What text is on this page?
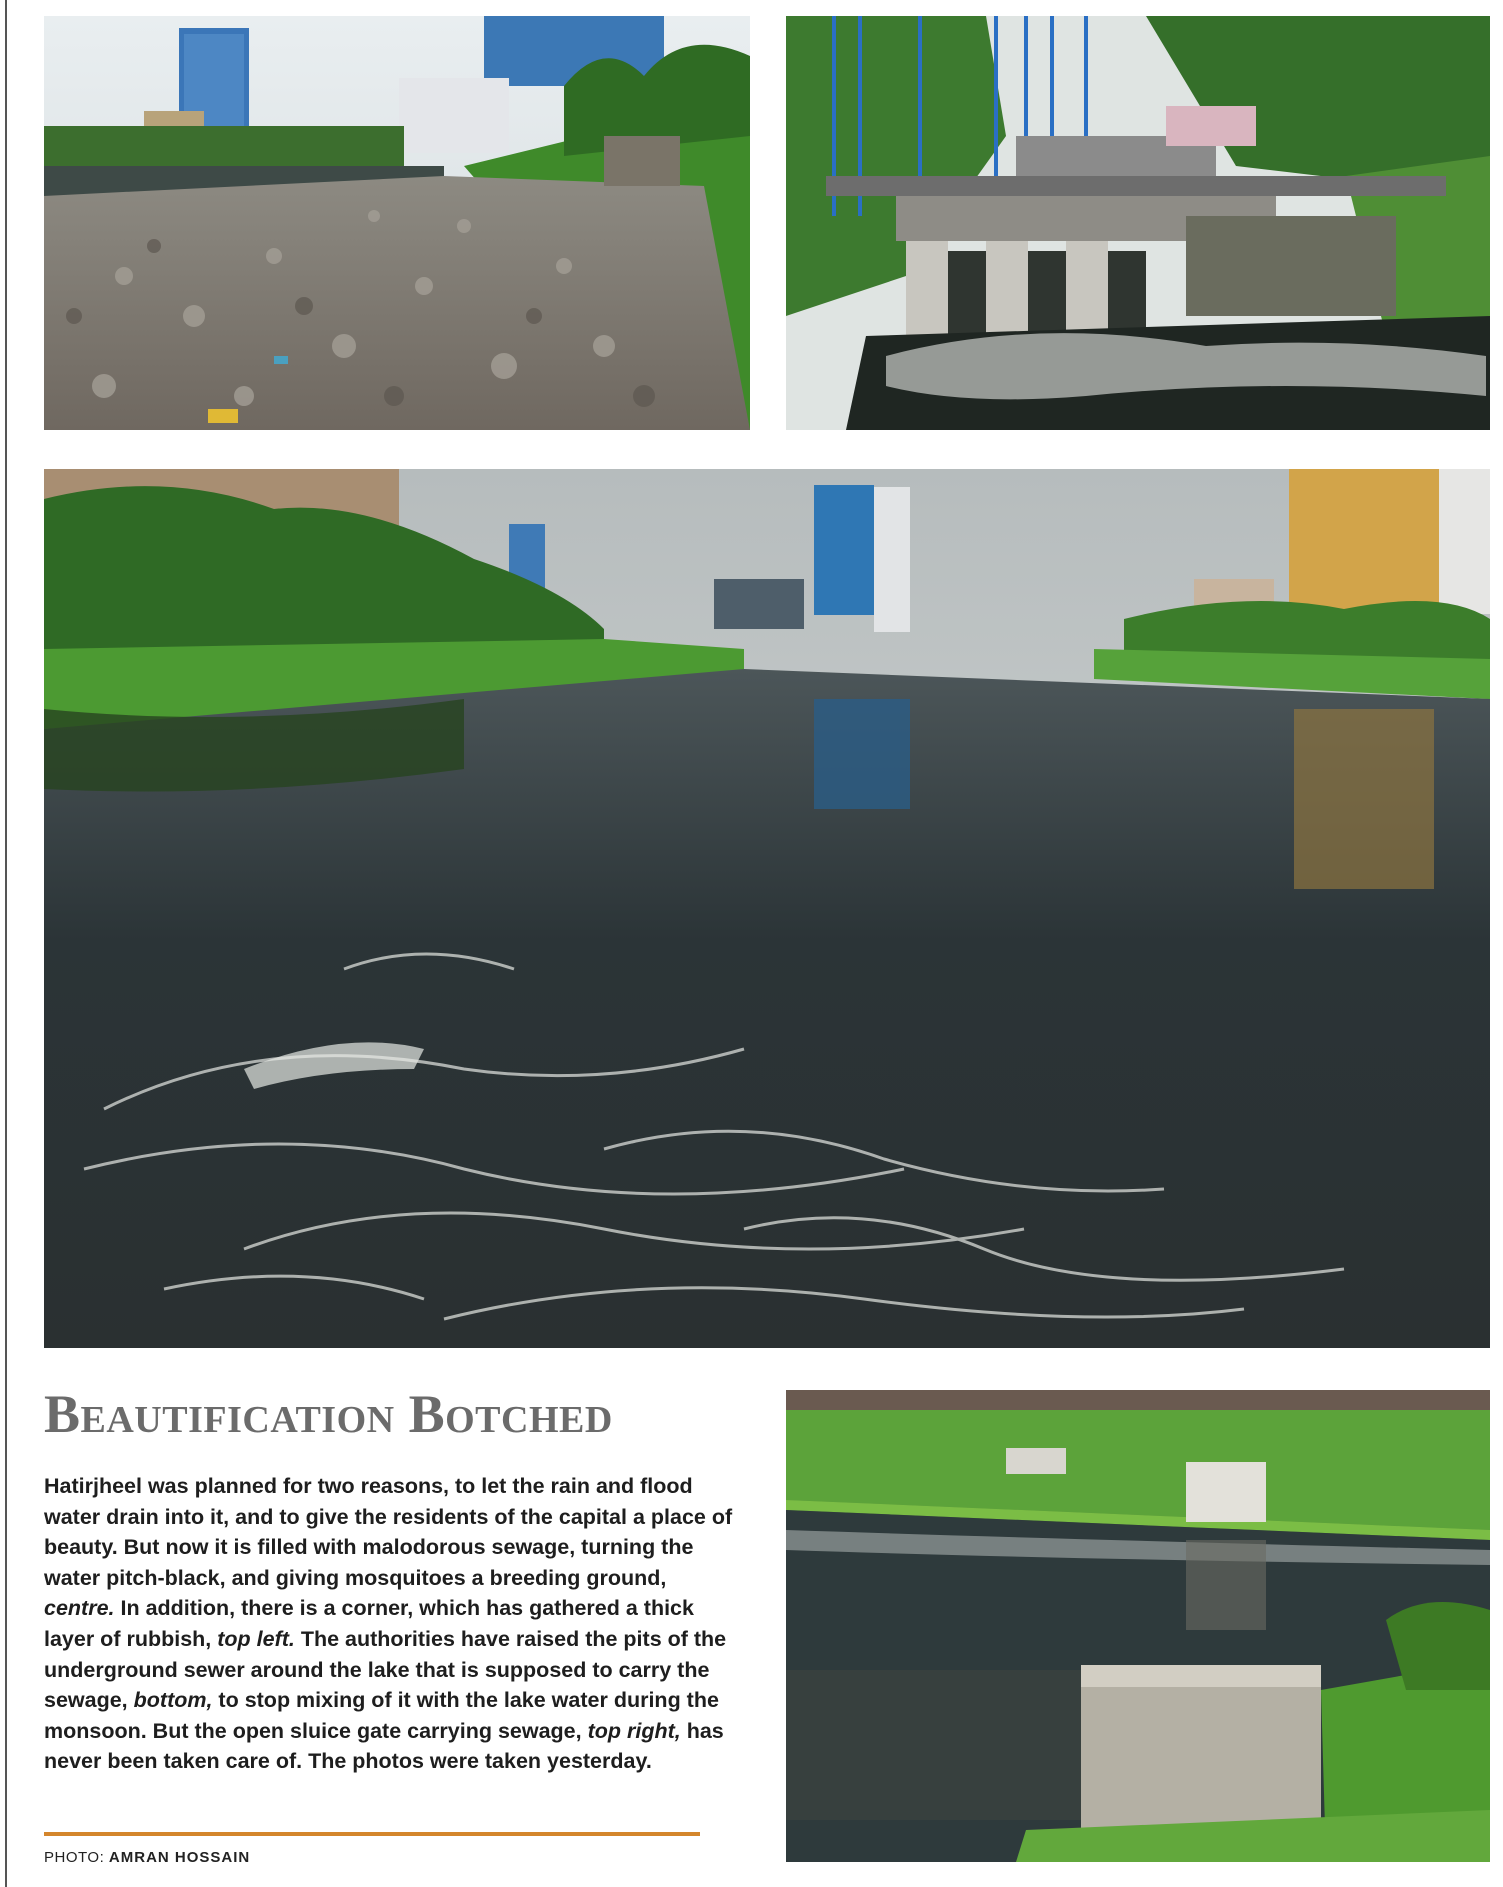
Beautification Botched

Hatirjheel was planned for two reasons, to let the rain and flood water drain into it, and to give the residents of the capital a place of beauty. But now it is filled with malodorous sewage, turning the water pitch-black, and giving mosquitoes a breeding ground, centre. In addition, there is a corner, which has gathered a thick layer of rubbish, top left. The authorities have raised the pits of the underground sewer around the lake that is supposed to carry the sewage, bottom, to stop mixing of it with the lake water during the monsoon. But the open sluice gate carrying sewage, top right, has never been taken care of. The photos were taken yesterday.

PHOTO: AMRAN HOSSAIN
